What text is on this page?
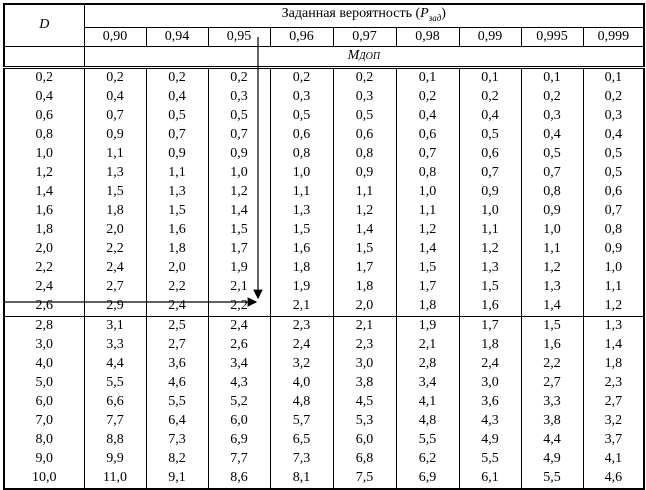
D	Заданная вероятность $(P_{зад})$								
	0,90	0,94	0,95	0,96	0,97	0,98	0,99	0,995	0,999
	MДОП								
0,2	0,2	0,2	0,2	0,2	0,2	0,1	0,1	0,1	0,1
0,4	0,4	0,4	0,3	0,3	0,3	0,2	0,2	0,2	0,2
0,6	0,7	0,5	0,5	0,5	0,5	0,4	0,4	0,3	0,3
0,8	0,9	0,7	0,7	0,6	0,6	0,6	0,5	0,4	0,4
1,0	1,1	0,9	0,9	0,8	0,8	0,7	0,6	0,5	0,5
1,2	1,3	1,1	1,0	1,0	0,9	0,8	0,7	0,7	0,5
1,4	1,5	1,3	1,2	1,1	1,1	1,0	0,9	0,8	0,6
1,6	1,8	1,5	1,4	1,3	1,2	1,1	1,0	0,9	0,7
1,8	2,0	1,6	1,5	1,5	1,4	1,2	1,1	1,0	0,8
2,0	2,2	1,8	1,7	1,6	1,5	1,4	1,2	1,1	0,9
2,2	2,4	2,0	1,9	1,8	1,7	1,5	1,3	1,2	1,0
2,4	2,7	2,2	2,1	1,9	1,8	1,7	1,5	1,3	1,1
2,6	2,9	2,4	2,2	2,1	2,0	1,8	1,6	1,4	1,2
2,8	3,1	2,5	2,4	2,3	2,1	1,9	1,7	1,5	1,3
3,0	3,3	2,7	2,6	2,4	2,3	2,1	1,8	1,6	1,4
4,0	4,4	3,6	3,4	3,2	3,0	2,8	2,4	2,2	1,8
5,0	5,5	4,6	4,3	4,0	3,8	3,4	3,0	2,7	2,3
6,0	6,6	5,5	5,2	4,8	4,5	4,1	3,6	3,3	2,7
7,0	7,7	6,4	6,0	5,7	5,3	4,8	4,3	3,8	3,2
8,0	8,8	7,3	6,9	6,5	6,0	5,5	4,9	4,4	3,7
9,0	9,9	8,2	7,7	7,3	6,8	6,2	5,5	4,9	4,1
10,0	11,0	9,1	8,6	8,1	7,5	6,9	6,1	5,5	4,6
